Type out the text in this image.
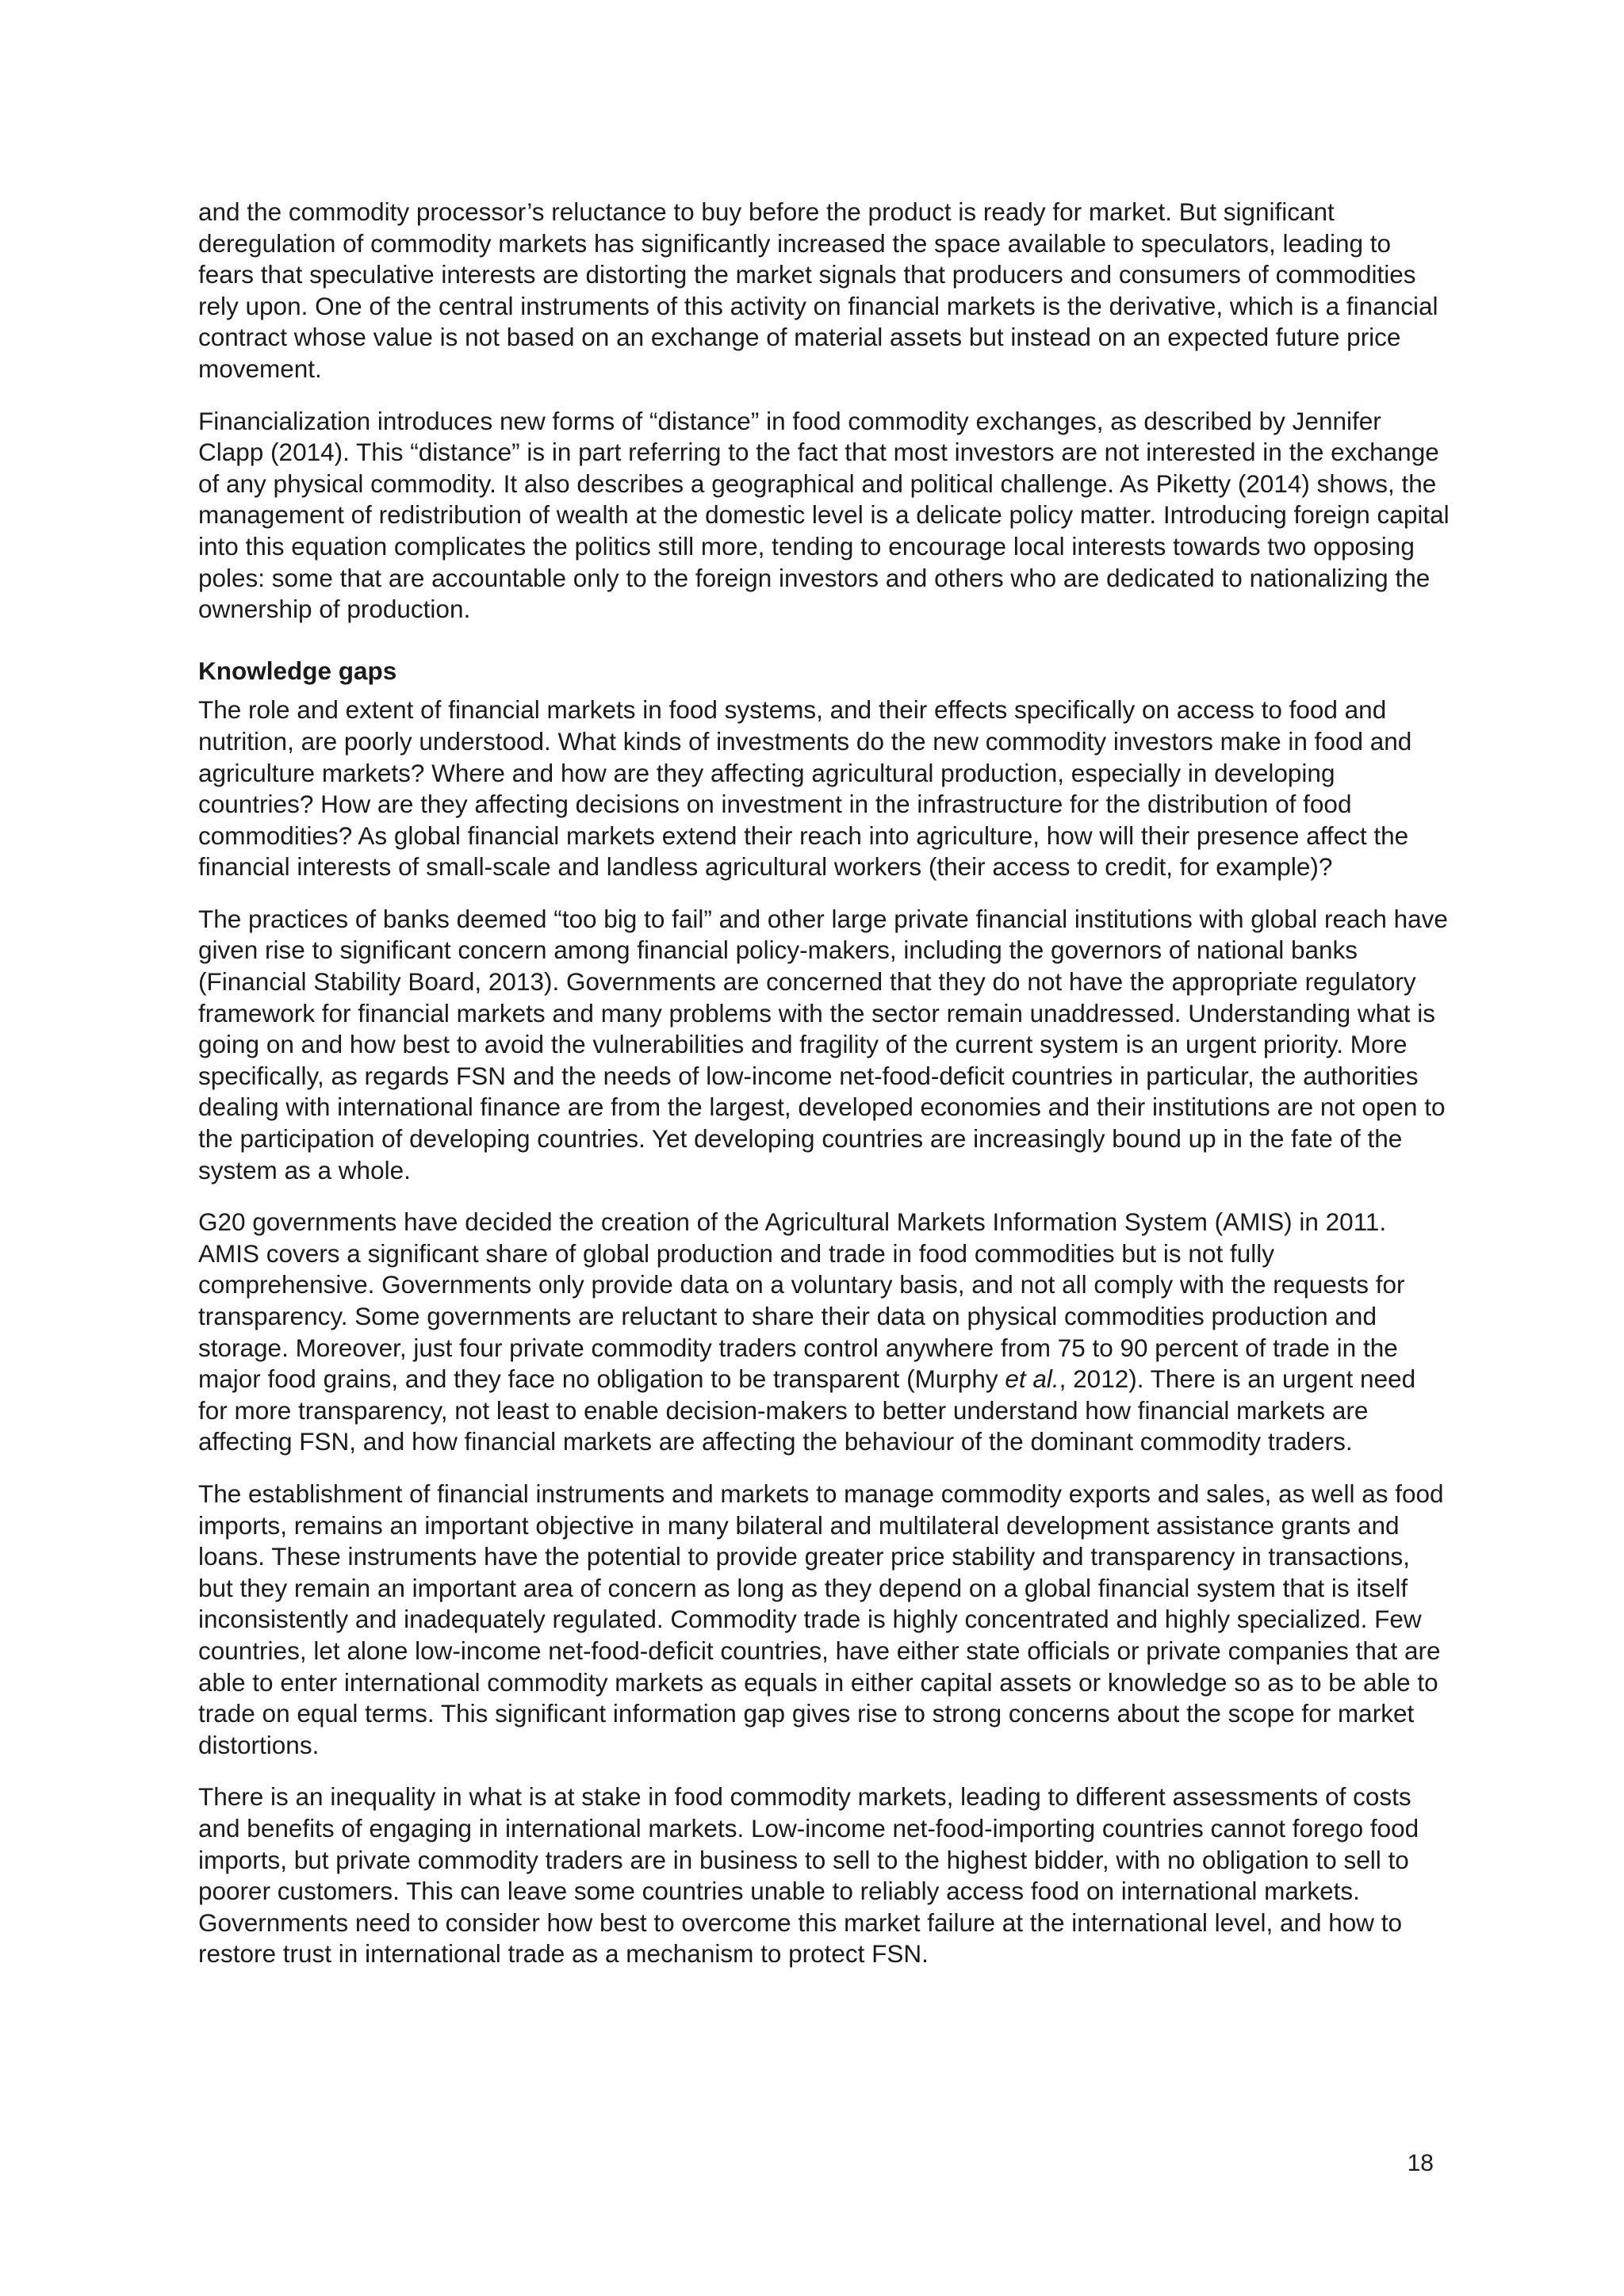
and the commodity processor’s reluctance to buy before the product is ready for market. But significant deregulation of commodity markets has significantly increased the space available to speculators, leading to fears that speculative interests are distorting the market signals that producers and consumers of commodities rely upon. One of the central instruments of this activity on financial markets is the derivative, which is a financial contract whose value is not based on an exchange of material assets but instead on an expected future price movement.

Financialization introduces new forms of “distance” in food commodity exchanges, as described by Jennifer Clapp (2014). This “distance” is in part referring to the fact that most investors are not interested in the exchange of any physical commodity. It also describes a geographical and political challenge. As Piketty (2014) shows, the management of redistribution of wealth at the domestic level is a delicate policy matter. Introducing foreign capital into this equation complicates the politics still more, tending to encourage local interests towards two opposing poles: some that are accountable only to the foreign investors and others who are dedicated to nationalizing the ownership of production.

Knowledge gaps

The role and extent of financial markets in food systems, and their effects specifically on access to food and nutrition, are poorly understood. What kinds of investments do the new commodity investors make in food and agriculture markets? Where and how are they affecting agricultural production, especially in developing countries? How are they affecting decisions on investment in the infrastructure for the distribution of food commodities? As global financial markets extend their reach into agriculture, how will their presence affect the financial interests of small-scale and landless agricultural workers (their access to credit, for example)?

The practices of banks deemed “too big to fail” and other large private financial institutions with global reach have given rise to significant concern among financial policy-makers, including the governors of national banks (Financial Stability Board, 2013). Governments are concerned that they do not have the appropriate regulatory framework for financial markets and many problems with the sector remain unaddressed. Understanding what is going on and how best to avoid the vulnerabilities and fragility of the current system is an urgent priority. More specifically, as regards FSN and the needs of low-income net-food-deficit countries in particular, the authorities dealing with international finance are from the largest, developed economies and their institutions are not open to the participation of developing countries. Yet developing countries are increasingly bound up in the fate of the system as a whole.

G20 governments have decided the creation of the Agricultural Markets Information System (AMIS) in 2011. AMIS covers a significant share of global production and trade in food commodities but is not fully comprehensive. Governments only provide data on a voluntary basis, and not all comply with the requests for transparency. Some governments are reluctant to share their data on physical commodities production and storage. Moreover, just four private commodity traders control anywhere from 75 to 90 percent of trade in the major food grains, and they face no obligation to be transparent (Murphy et al., 2012). There is an urgent need for more transparency, not least to enable decision-makers to better understand how financial markets are affecting FSN, and how financial markets are affecting the behaviour of the dominant commodity traders.

The establishment of financial instruments and markets to manage commodity exports and sales, as well as food imports, remains an important objective in many bilateral and multilateral development assistance grants and loans. These instruments have the potential to provide greater price stability and transparency in transactions, but they remain an important area of concern as long as they depend on a global financial system that is itself inconsistently and inadequately regulated. Commodity trade is highly concentrated and highly specialized. Few countries, let alone low-income net-food-deficit countries, have either state officials or private companies that are able to enter international commodity markets as equals in either capital assets or knowledge so as to be able to trade on equal terms. This significant information gap gives rise to strong concerns about the scope for market distortions.

There is an inequality in what is at stake in food commodity markets, leading to different assessments of costs and benefits of engaging in international markets. Low-income net-food-importing countries cannot forego food imports, but private commodity traders are in business to sell to the highest bidder, with no obligation to sell to poorer customers. This can leave some countries unable to reliably access food on international markets. Governments need to consider how best to overcome this market failure at the international level, and how to restore trust in international trade as a mechanism to protect FSN.

18
